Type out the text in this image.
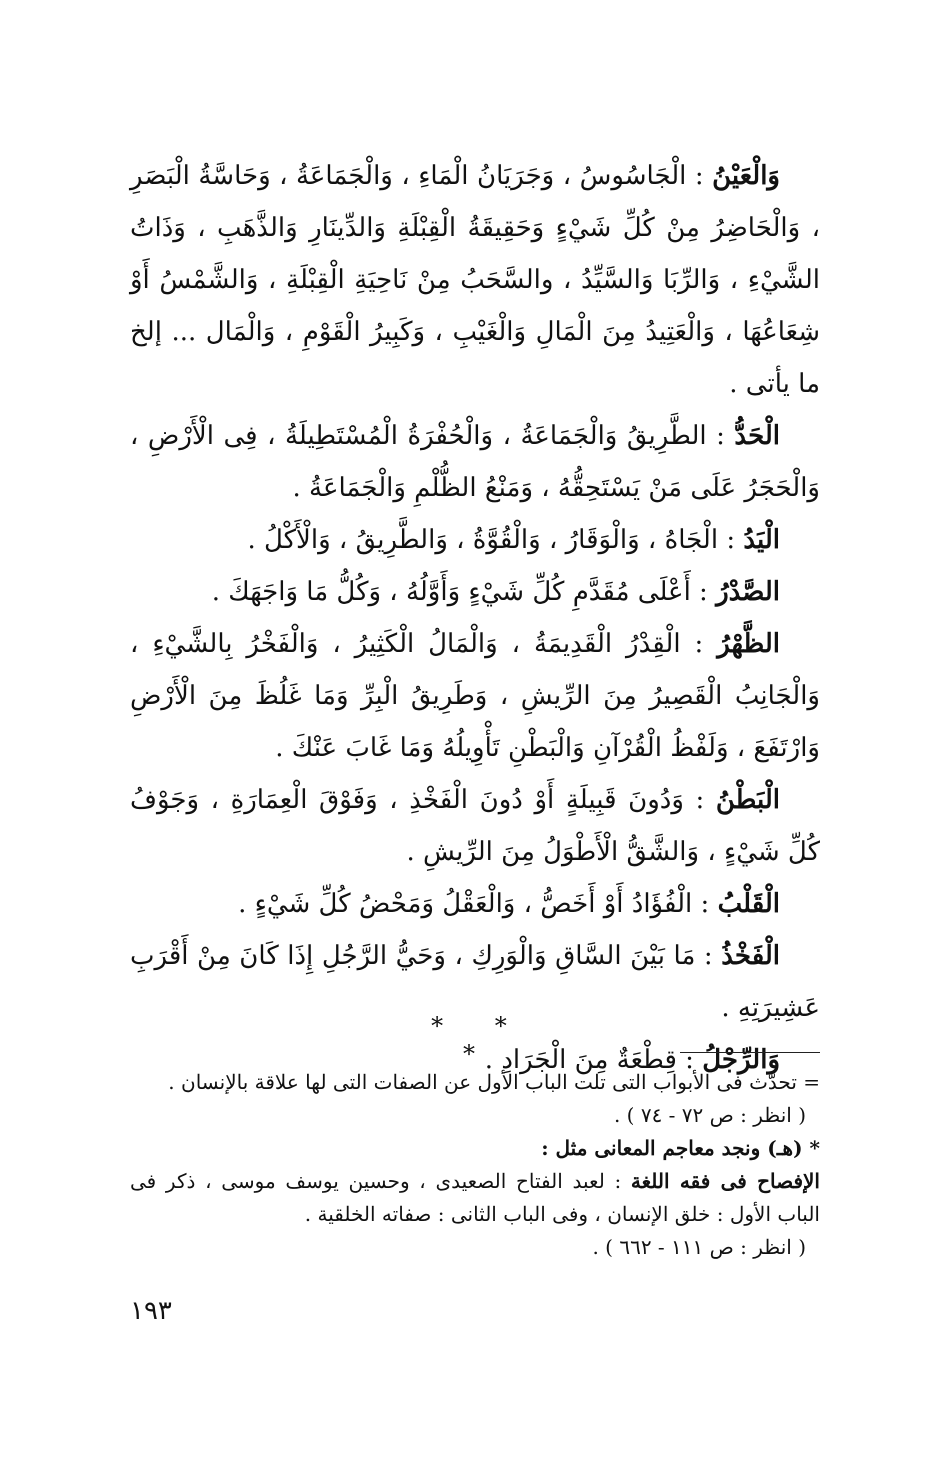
وَالْعَيْنُ : الْجَاسُوسُ ، وَجَرَيَانُ الْمَاءِ ، وَالْجَمَاعَةُ ، وَحَاسَّةُ الْبَصَرِ ، وَالْحَاضِرُ مِنْ كُلِّ شَيْءٍ وَحَقِيقَةُ الْقِبْلَةِ وَالدِّينَارِ وَالذَّهَبِ ، وَذَاتُ الشَّيْءِ ، وَالرِّبَا وَالسَّيِّدُ ، والسَّحَبُ مِنْ نَاحِيَةِ الْقِبْلَةِ ، وَالشَّمْسُ أَوْ شِعَاعُهَا ، وَالْعَتِيدُ مِنَ الْمَالِ وَالْغَيْبِ ، وَكَبِيرُ الْقَوْمِ ، وَالْمَال ... إلخ ما يأتى .

الْحَدُّ : الطَّرِيقُ وَالْجَمَاعَةُ ، وَالْحُفْرَةُ الْمُسْتَطِيلَةُ ، فِى الْأَرْضِ ، وَالْحَجَرُ عَلَى مَنْ يَسْتَحِقُّهُ ، وَمَنْعُ الظُّلْمِ وَالْجَمَاعَةُ .

الْيَدُ : الْجَاهُ ، وَالْوَقَارُ ، وَالْقُوَّةُ ، وَالطَّرِيقُ ، وَالْأَكْلُ .

الصَّدْرُ : أَعْلَى مُقَدَّمِ كُلِّ شَيْءٍ وَأَوَّلُهُ ، وَكُلُّ مَا وَاجَهَكَ .

الظَّهْرُ : الْقِدْرُ الْقَدِيمَةُ ، وَالْمَالُ الْكَثِيرُ ، وَالْفَخْرُ بِالشَّيْءِ ، وَالْجَانِبُ الْقَصِيرُ مِنَ الرِّيشِ ، وَطَرِيقُ الْبِرِّ وَمَا غَلُظَ مِنَ الْأَرْضِ وَارْتَفَعَ ، وَلَفْظُ الْقُرْآنِ وَالْبَطْنِ تَأْوِيلُهُ وَمَا غَابَ عَنْكَ .

الْبَطْنُ : وَدُونَ قَبِيلَةٍ أَوْ دُونَ الْفَخْذِ ، وَفَوْقَ الْعِمَارَةِ ، وَجَوْفُ كُلِّ شَيْءٍ ، وَالشَّقُّ الْأَطْوَلُ مِنَ الرِّيشِ .

الْقَلْبُ : الْفُؤَادُ أَوْ أَخَصُّ ، وَالْعَقْلُ وَمَحْضُ كُلِّ شَيْءٍ .

الْفَخْذُ : مَا بَيْنَ السَّاقِ وَالْوَرِكِ ، وَحَيُّ الرَّجُلِ إِذَا كَانَ مِنْ أَقْرَبِ عَشِيرَتِهِ .

وَالرِّجْلُ : قِطْعَةٌ مِنَ الْجَرَادِ .

* * *

= تحدّث فى الأبواب التى تلت الباب الأول عن الصفات التى لها علاقة بالإنسان .

( انظر : ص ٧٢ - ٧٤ ) .

* (هـ) ونجد معاجم المعانى مثل :

الإفصاح فى فقه اللغة : لعبد الفتاح الصعيدى ، وحسين يوسف موسى ، ذكر فى الباب الأول : خلق الإنسان ، وفى الباب الثانى : صفاته الخلقية .

( انظر : ص ١١١ - ٦٦٢ ) .

١٩٣
